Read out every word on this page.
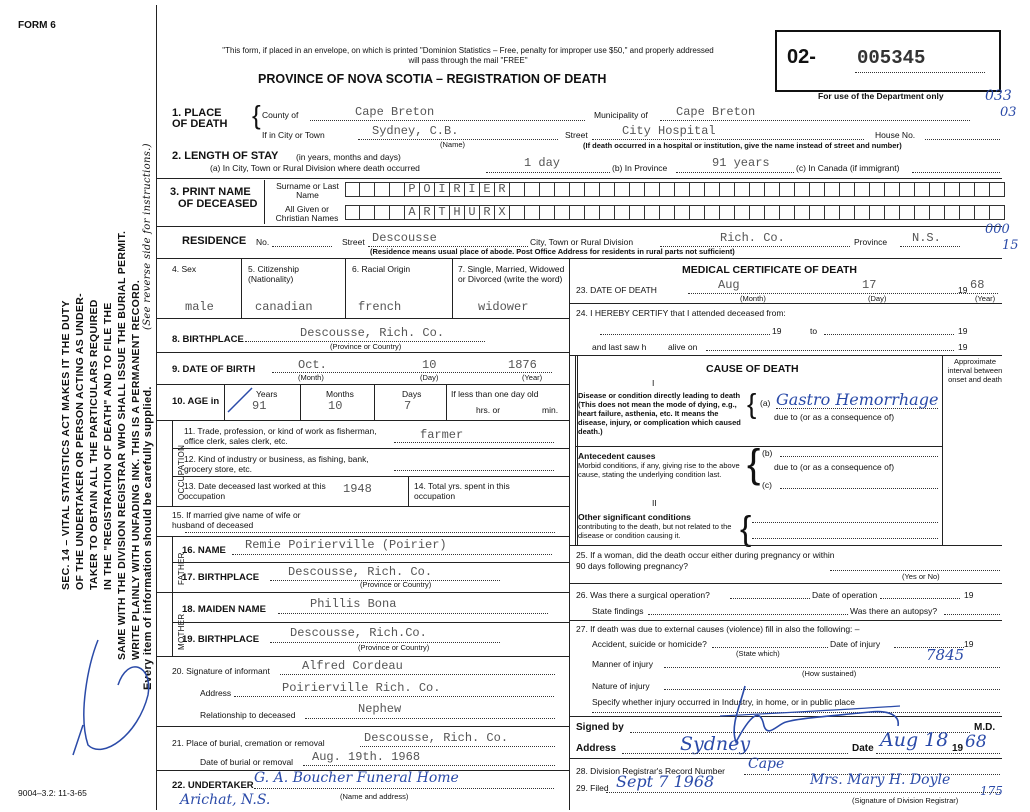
FORM 6
SEC. 14 – VITAL STATISTICS ACT MAKES IT THE DUTY OF THE UNDERTAKER OR PERSON ACTING AS UNDER- TAKER TO OBTAIN ALL THE PARTICULARS REQUIRED IN THE "REGISTRATION OF DEATH" AND TO FILE THE SAME WITH THE DIVISION REGISTRAR WHO SHALL ISSUE THE BURIAL PERMIT. WRITE PLAINLY WITH UNFADING INK. THIS IS A PERMANENT RECORD. Every item of information should be carefully supplied.
(See reverse side for instructions.)
9004–3.2: 11-3-65
"This form, if placed in an envelope, on which is printed "Dominion Statistics – Free, penalty for improper use $50," and properly addressed will pass through the mail "FREE"
PROVINCE OF NOVA SCOTIA – REGISTRATION OF DEATH
02- 005345
For use of the Department only	033
03
1. PLACE OF DEATH { County of	Cape Breton	Municipality of Cape Breton
If in City or Town	Sydney, C.B.
(Name)
Street	City Hospital	House No.
(If death occurred in a hospital or institution, give the name instead of street and number)
2. LENGTH OF STAY (in years, months and days)
(a) In City, Town or Rural Division where death occurred	1 day	(b) In Province	91 years	(c) In Canada (if immigrant)
3. PRINT NAME
OF DECEASED
Surname or Last Name
All Given or Christian Names
P O I R I E R
A R T H U R X
RESIDENCE No.	Street Descousse	City, Town or Rural Division	Rich. Co.	Province N.S.
(Residence means usual place of abode. Post Office Address for residents in rural parts not sufficient)
000
15
4. Sex	5. Citizenship (Nationality)
6. Racial Origin	7. Single, Married, Widowed or Divorced (write the word)
male	canadian	french	widower
8. BIRTHPLACE	Descousse, Rich. Co.
(Province or Country)
9. DATE OF BIRTH	Oct.	10	1876
(Month)	(Day)	(Year)
10. AGE in
Years	Months	Days
91	10	7
If less than one day old
hrs. or	min.
OCCUPATION
11. Trade, profession, or kind of work as fisherman, office clerk, sales clerk, etc.	farmer
12. Kind of industry or business, as fishing, bank, grocery store, etc.
13. Date deceased last worked at this occupation	1948	14. Total yrs. spent in this occupation
15. If married give name of wife or husband of deceased
FATHER
16. NAME Remie Poirierville (Poirier)
17. BIRTHPLACE Descousse, Rich. Co.
(Province or Country)
MOTHER
18. MAIDEN NAME	Phillis Bona
19. BIRTHPLACE	Descousse, Rich.Co.
(Province or Country)
20. Signature of informant	Alfred Cordeau
Address	Poirierville Rich. Co.
Relationship to deceased	Nephew
21. Place of burial, cremation or removal	Descousse, Rich. Co.
Date of burial or removal Aug. 19th. 1968
22. UNDERTAKER G. A. Boucher Funeral Home
Arichat, N.S.	(Name and address)
MEDICAL CERTIFICATE OF DEATH
23. DATE OF DEATH	Aug	17	19 68
(Month)	(Day)	(Year)
24. I HEREBY CERTIFY that I attended deceased from:
19	to	19
and last saw h	alive on	19
CAUSE OF DEATH
Approximate interval between onset and death
I
Disease or condition directly leading to death (This does not mean the mode of dying, e.g., heart failure, asthenia, etc. It means the disease, injury, or complication which caused death.)
{ (a) Gastro Hemorrhage
due to (or as a consequence of)
Antecedent causes
Morbid conditions, if any, giving rise to the above cause, stating the underlying condition last. { (b)
due to (or as a consequence of)
(c)
II
Other significant conditions
contributing to the death, but not related to the disease or condition causing it.	{
25. If a woman, did the death occur either during pregnancy or within 90 days following pregnancy?
(Yes or No)
26. Was there a surgical operation?	Date of operation	19
State findings	Was there an autopsy?
27. If death was due to external causes (violence) fill in also the following: –
Accident, suicide or homicide?
(State which)
Date of injury	19
7845
Manner of injury
(How sustained)
Nature of injury
Specify whether injury occurred in Industry, in home, or in public place
Signed by	M.D.
Address	Sydney	Date Aug 18 19 68
28. Division Registrar's Record Number Cape
29. Filed Sept 7 1968	Mrs. Mary H. Doyle
175
(Signature of Division Registrar)
